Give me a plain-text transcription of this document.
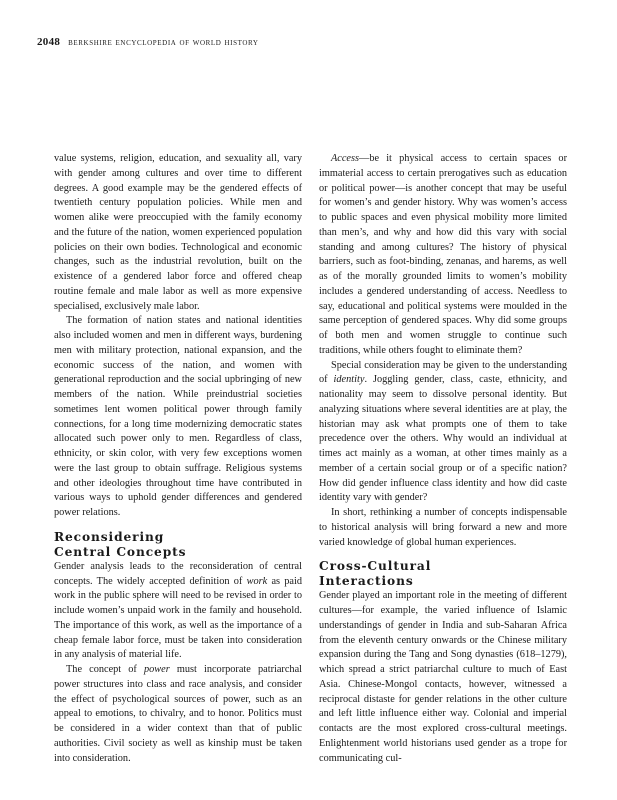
2048 berkshire encyclopedia of world history

value systems, religion, education, and sexuality all, vary with gender among cultures and over time to different degrees. A good example may be the gendered effects of twentieth century population policies. While men and women alike were preoccupied with the family economy and the future of the nation, women experienced population policies on their own bodies. Technological and economic changes, such as the industrial revolution, built on the existence of a gendered labor force and offered cheap routine female and male labor as well as more expensive specialised, exclusively male labor.

The formation of nation states and national identities also included women and men in different ways, burdening men with military protection, national expansion, and the economic success of the nation, and women with generational reproduction and the social upbringing of new members of the nation. While preindustrial societies sometimes lent women political power through family connections, for a long time modernizing democratic states allocated such power only to men. Regardless of class, ethnicity, or skin color, with very few exceptions women were the last group to obtain suffrage. Religious systems and other ideologies throughout time have contributed in various ways to uphold gender differences and gendered power relations.

Reconsidering
Central Concepts

Gender analysis leads to the reconsideration of central concepts. The widely accepted definition of work as paid work in the public sphere will need to be revised in order to include women’s unpaid work in the family and household. The importance of this work, as well as the importance of a cheap female labor force, must be taken into consideration in any analysis of material life.

The concept of power must incorporate patriarchal power structures into class and race analysis, and consider the effect of psychological sources of power, such as an appeal to emotions, to chivalry, and to honor. Politics must be considered in a wider context than that of public authorities. Civil society as well as kinship must be taken into consideration.

Access—be it physical access to certain spaces or immaterial access to certain prerogatives such as education or political power—is another concept that may be useful for women’s and gender history. Why was women’s access to public spaces and even physical mobility more limited than men’s, and why and how did this vary with social standing and among cultures? The history of physical barriers, such as foot-binding, zenanas, and harems, as well as of the morally grounded limits to women’s mobility includes a gendered understanding of access. Needless to say, educational and political systems were moulded in the same perception of gendered spaces. Why did some groups of both men and women struggle to continue such traditions, while others fought to eliminate them?

Special consideration may be given to the understanding of identity. Joggling gender, class, caste, ethnicity, and nationality may seem to dissolve personal identity. But analyzing situations where several identities are at play, the historian may ask what prompts one of them to take precedence over the others. Why would an individual at times act mainly as a woman, at other times mainly as a member of a certain social group or of a specific nation? How did gender influence class identity and how did caste identity vary with gender?

In short, rethinking a number of concepts indispensable to historical analysis will bring forward a new and more varied knowledge of global human experiences.

Cross-Cultural
Interactions

Gender played an important role in the meeting of different cultures—for example, the varied influence of Islamic understandings of gender in India and sub-Saharan Africa from the eleventh century onwards or the Chinese military expansion during the Tang and Song dynasties (618–1279), which spread a strict patriarchal culture to much of East Asia. Chinese-Mongol contacts, however, witnessed a reciprocal distaste for gender relations in the other culture and left little influence either way. Colonial and imperial contacts are the most explored cross-cultural meetings. Enlightenment world historians used gender as a trope for communicating cul-
